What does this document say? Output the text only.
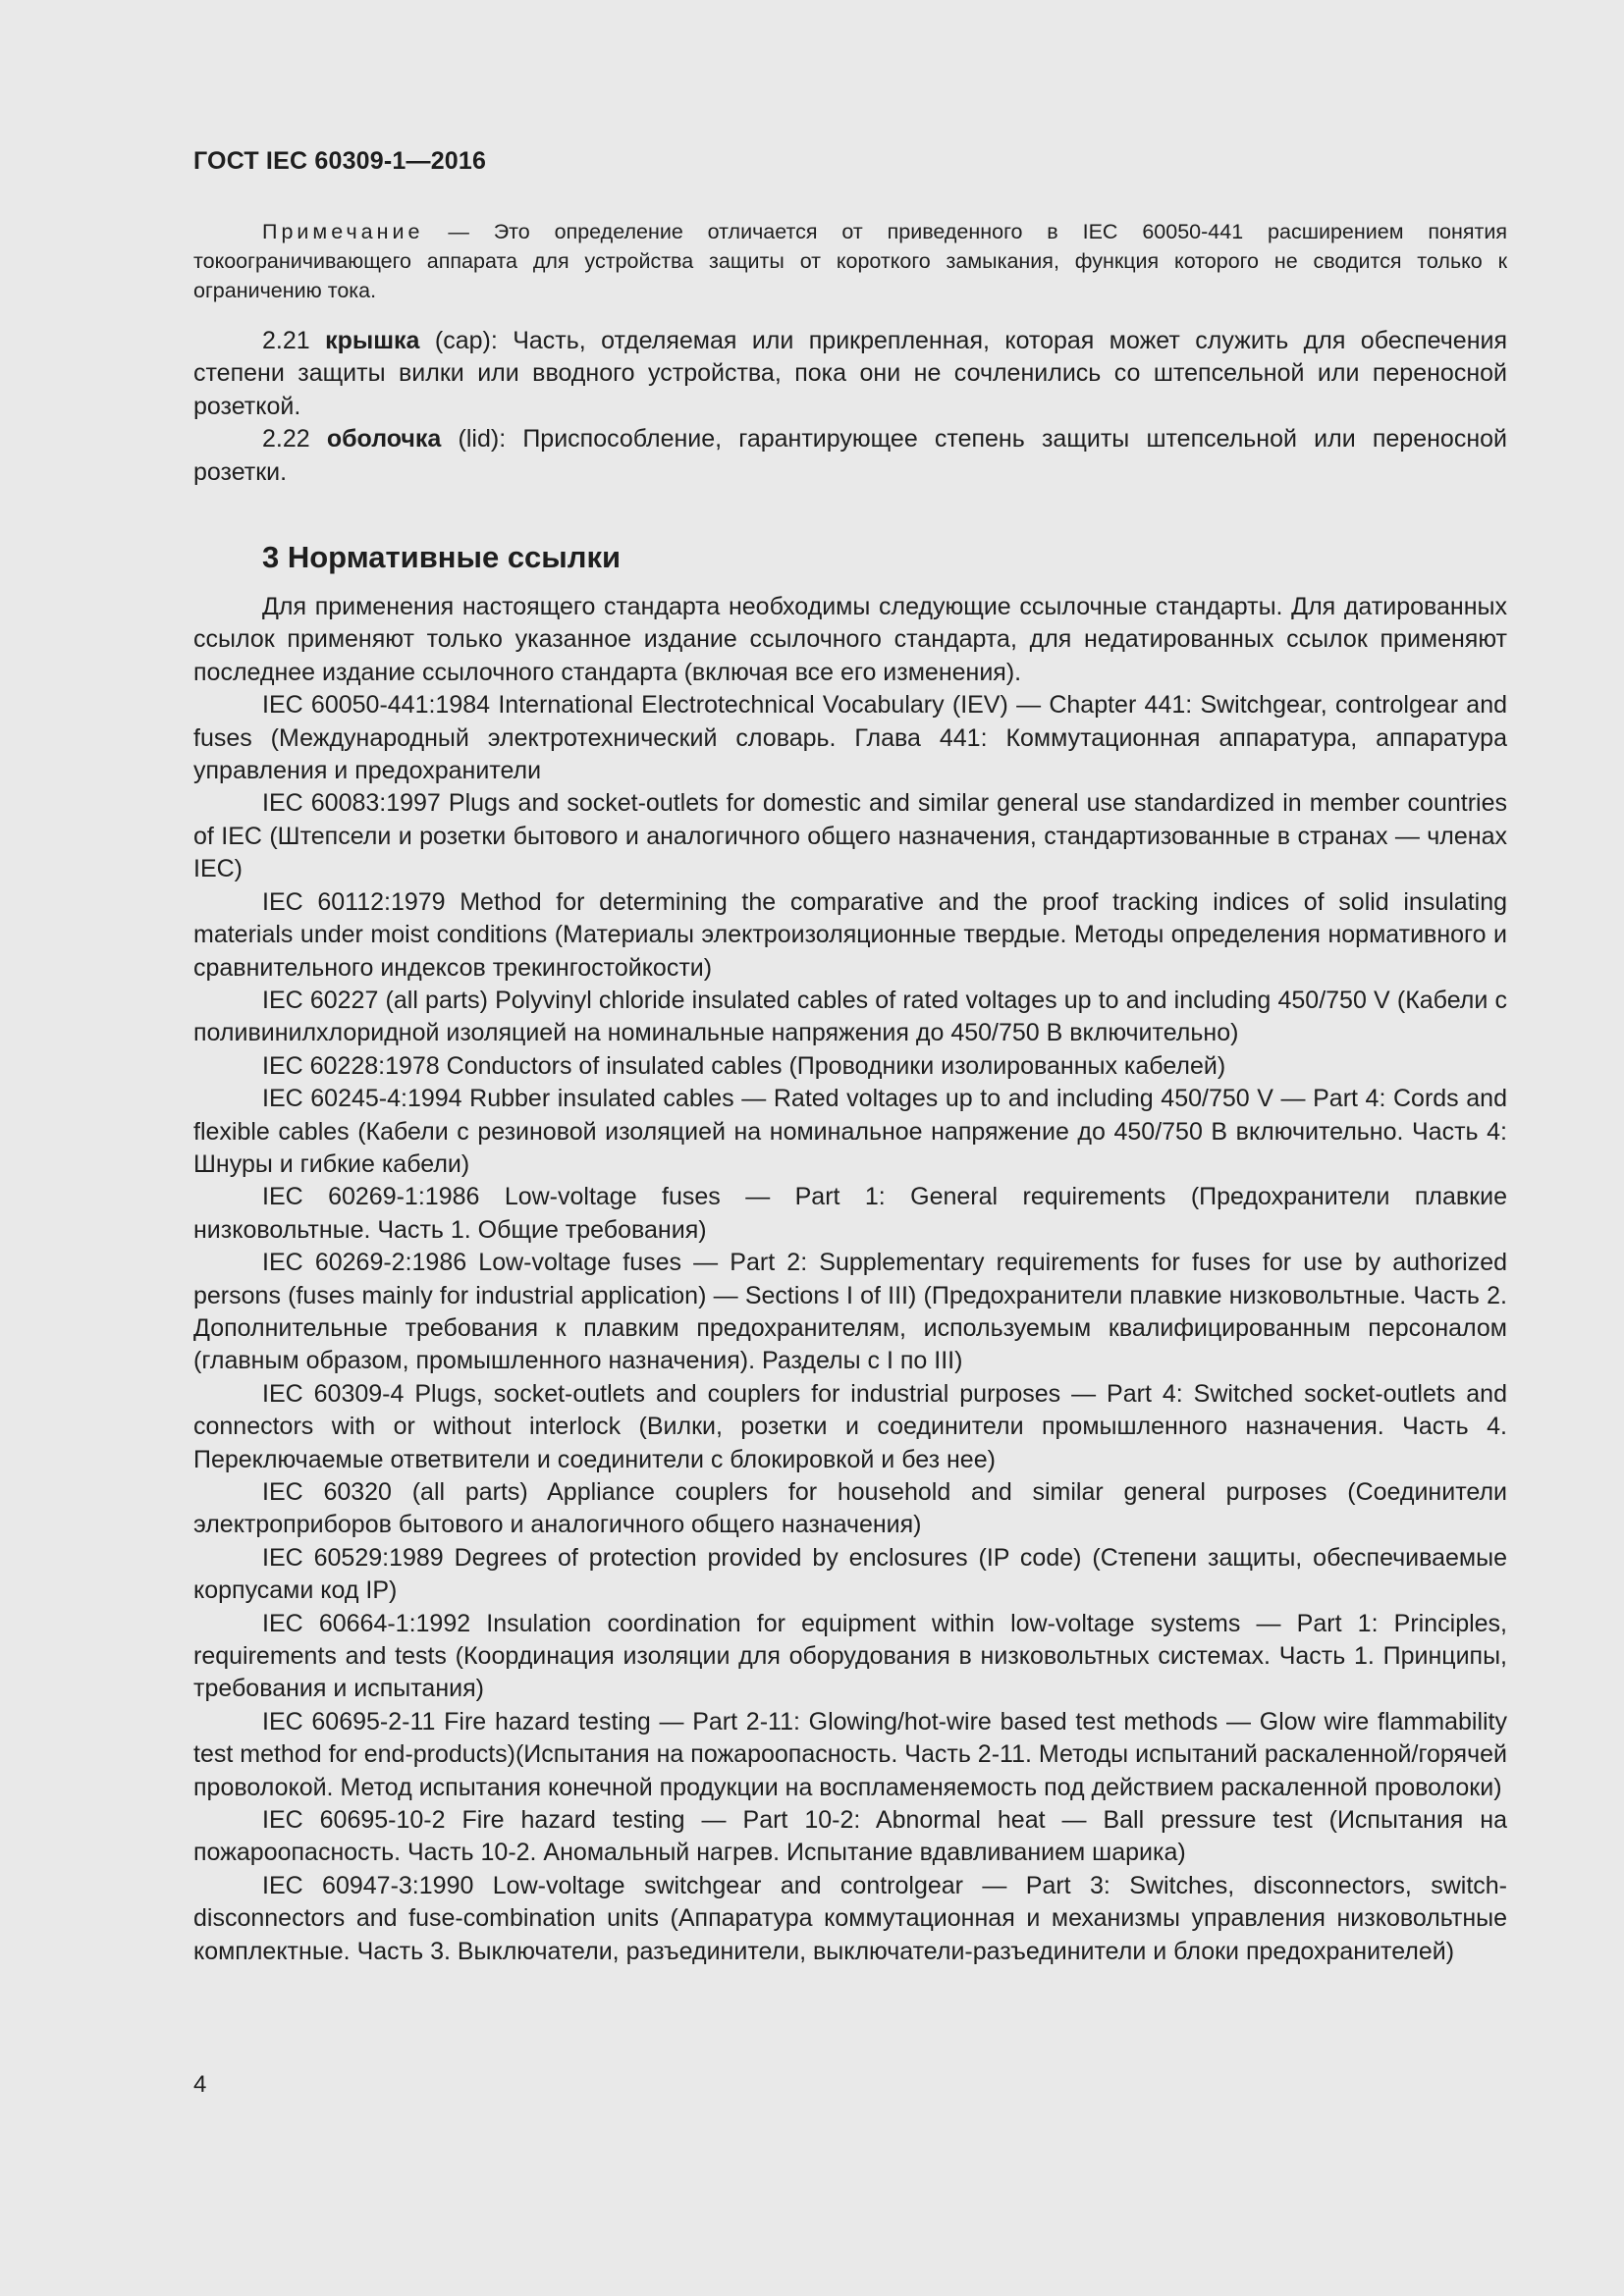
ГОСТ IEC 60309-1—2016

Примечание — Это определение отличается от приведенного в IEC 60050-441 расширением понятия токоограничивающего аппарата для устройства защиты от короткого замыкания, функция которого не сводится только к ограничению тока.

2.21 крышка (cap): Часть, отделяемая или прикрепленная, которая может служить для обеспечения степени защиты вилки или вводного устройства, пока они не сочленились со штепсельной или переносной розеткой.

2.22 оболочка (lid): Приспособление, гарантирующее степень защиты штепсельной или переносной розетки.

3 Нормативные ссылки

Для применения настоящего стандарта необходимы следующие ссылочные стандарты. Для датированных ссылок применяют только указанное издание ссылочного стандарта, для недатированных ссылок применяют последнее издание ссылочного стандарта (включая все его изменения).

IEC 60050-441:1984 International Electrotechnical Vocabulary (IEV) — Chapter 441: Switchgear, controlgear and fuses (Международный электротехнический словарь. Глава 441: Коммутационная аппаратура, аппаратура управления и предохранители

IEC 60083:1997 Plugs and socket-outlets for domestic and similar general use standardized in member countries of IEC (Штепсели и розетки бытового и аналогичного общего назначения, стандартизованные в странах — членах IEC)

IEC 60112:1979 Method for determining the comparative and the proof tracking indices of solid insulating materials under moist conditions (Материалы электроизоляционные твердые. Методы определения нормативного и сравнительного индексов трекингостойкости)

IEC 60227 (all parts) Polyvinyl chloride insulated cables of rated voltages up to and including 450/750 V (Кабели с поливинилхлоридной изоляцией на номинальные напряжения до 450/750 В включительно)

IEC 60228:1978 Conductors of insulated cables (Проводники изолированных кабелей)

IEC 60245-4:1994 Rubber insulated cables — Rated voltages up to and including 450/750 V — Part 4: Cords and flexible cables (Кабели с резиновой изоляцией на номинальное напряжение до 450/750 В включительно. Часть 4: Шнуры и гибкие кабели)

IEC 60269-1:1986 Low-voltage fuses — Part 1: General requirements (Предохранители плавкие низковольтные. Часть 1. Общие требования)

IEC 60269-2:1986 Low-voltage fuses — Part 2: Supplementary requirements for fuses for use by authorized persons (fuses mainly for industrial application) — Sections I of III) (Предохранители плавкие низковольтные. Часть 2. Дополнительные требования к плавким предохранителям, используемым квалифицированным персоналом (главным образом, промышленного назначения). Разделы с I по III)

IEC 60309-4 Plugs, socket-outlets and couplers for industrial purposes — Part 4: Switched socket-outlets and connectors with or without interlock (Вилки, розетки и соединители промышленного назначения. Часть 4. Переключаемые ответвители и соединители с блокировкой и без нее)

IEC 60320 (all parts) Appliance couplers for household and similar general purposes (Соединители электроприборов бытового и аналогичного общего назначения)

IEC 60529:1989 Degrees of protection provided by enclosures (IP code) (Степени защиты, обеспечиваемые корпусами код IP)

IEC 60664-1:1992 Insulation coordination for equipment within low-voltage systems — Part 1: Principles, requirements and tests (Координация изоляции для оборудования в низковольтных системах. Часть 1. Принципы, требования и испытания)

IEC 60695-2-11 Fire hazard testing — Part 2-11: Glowing/hot-wire based test methods — Glow wire flammability test method for end-products)(Испытания на пожароопасность. Часть 2-11. Методы испытаний раскаленной/горячей проволокой. Метод испытания конечной продукции на воспламеняемость под действием раскаленной проволоки)

IEC 60695-10-2 Fire hazard testing — Part 10-2: Abnormal heat — Ball pressure test (Испытания на пожароопасность. Часть 10-2. Аномальный нагрев. Испытание вдавливанием шарика)

IEC 60947-3:1990 Low-voltage switchgear and controlgear — Part 3: Switches, disconnectors, switch-disconnectors and fuse-combination units (Аппаратура коммутационная и механизмы управления низковольтные комплектные. Часть 3. Выключатели, разъединители, выключатели-разъединители и блоки предохранителей)

4
